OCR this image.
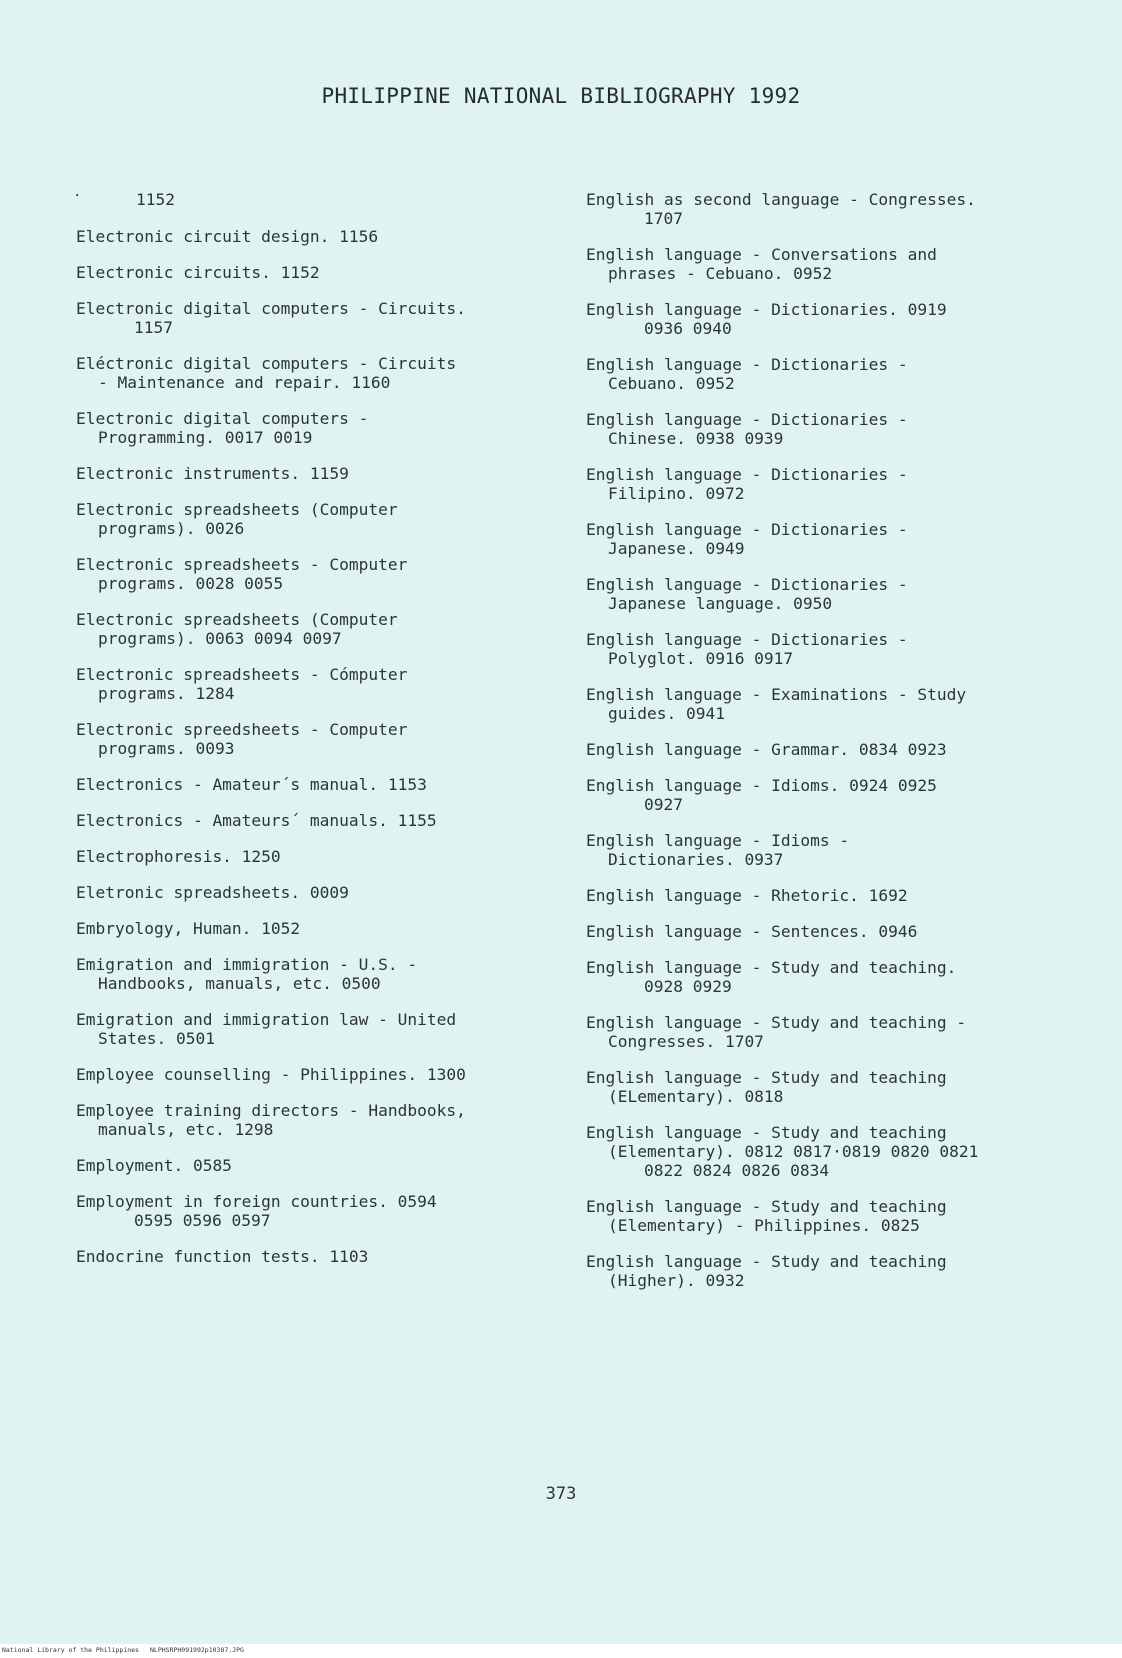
PHILIPPINE NATIONAL BIBLIOGRAPHY 1992
·	1152
Electronic circuit design. 1156
Electronic circuits. 1152
Electronic digital computers - Circuits.
1157
Eléctronic digital computers - Circuits
- Maintenance and repair. 1160
Electronic digital computers -
Programming. 0017 0019
Electronic instruments. 1159
Electronic spreadsheets (Computer
programs). 0026
Electronic spreadsheets - Computer
programs. 0028 0055
Electronic spreadsheets (Computer
programs). 0063 0094 0097
Electronic spreadsheets - Cómputer
programs. 1284
Electronic spreedsheets - Computer
programs. 0093
Electronics - Amateur´s manual. 1153
Electronics - Amateurs´ manuals. 1155
Electrophoresis. 1250
Eletronic spreadsheets. 0009
Embryology, Human. 1052
Emigration and immigration - U.S. -
Handbooks, manuals, etc. 0500
Emigration and immigration law - United
States. 0501
Employee counselling - Philippines. 1300
Employee training directors - Handbooks,
manuals, etc. 1298
Employment. 0585
Employment in foreign countries. 0594
0595 0596 0597
Endocrine function tests. 1103
English as second language - Congresses.
1707
English language - Conversations and
phrases - Cebuano. 0952
English language - Dictionaries. 0919
0936 0940
English language - Dictionaries -
Cebuano. 0952
English language - Dictionaries -
Chinese. 0938 0939
English language - Dictionaries -
Filipino. 0972
English language - Dictionaries -
Japanese. 0949
English language - Dictionaries -
Japanese language. 0950
English language - Dictionaries -
Polyglot. 0916 0917
English language - Examinations - Study
guides. 0941
English language - Grammar. 0834 0923
English language - Idioms. 0924 0925
0927
English language - Idioms -
Dictionaries. 0937
English language - Rhetoric. 1692
English language - Sentences. 0946
English language - Study and teaching.
0928 0929
English language - Study and teaching -
Congresses. 1707
English language - Study and teaching
(ELementary). 0818
English language - Study and teaching
(Elementary). 0812 0817·0819 0820 0821
0822 0824 0826 0834
English language - Study and teaching
(Elementary) - Philippines. 0825
English language - Study and teaching
(Higher). 0932
373
National Library of the Philippines NLPHSRPH091992p10387.JPG
